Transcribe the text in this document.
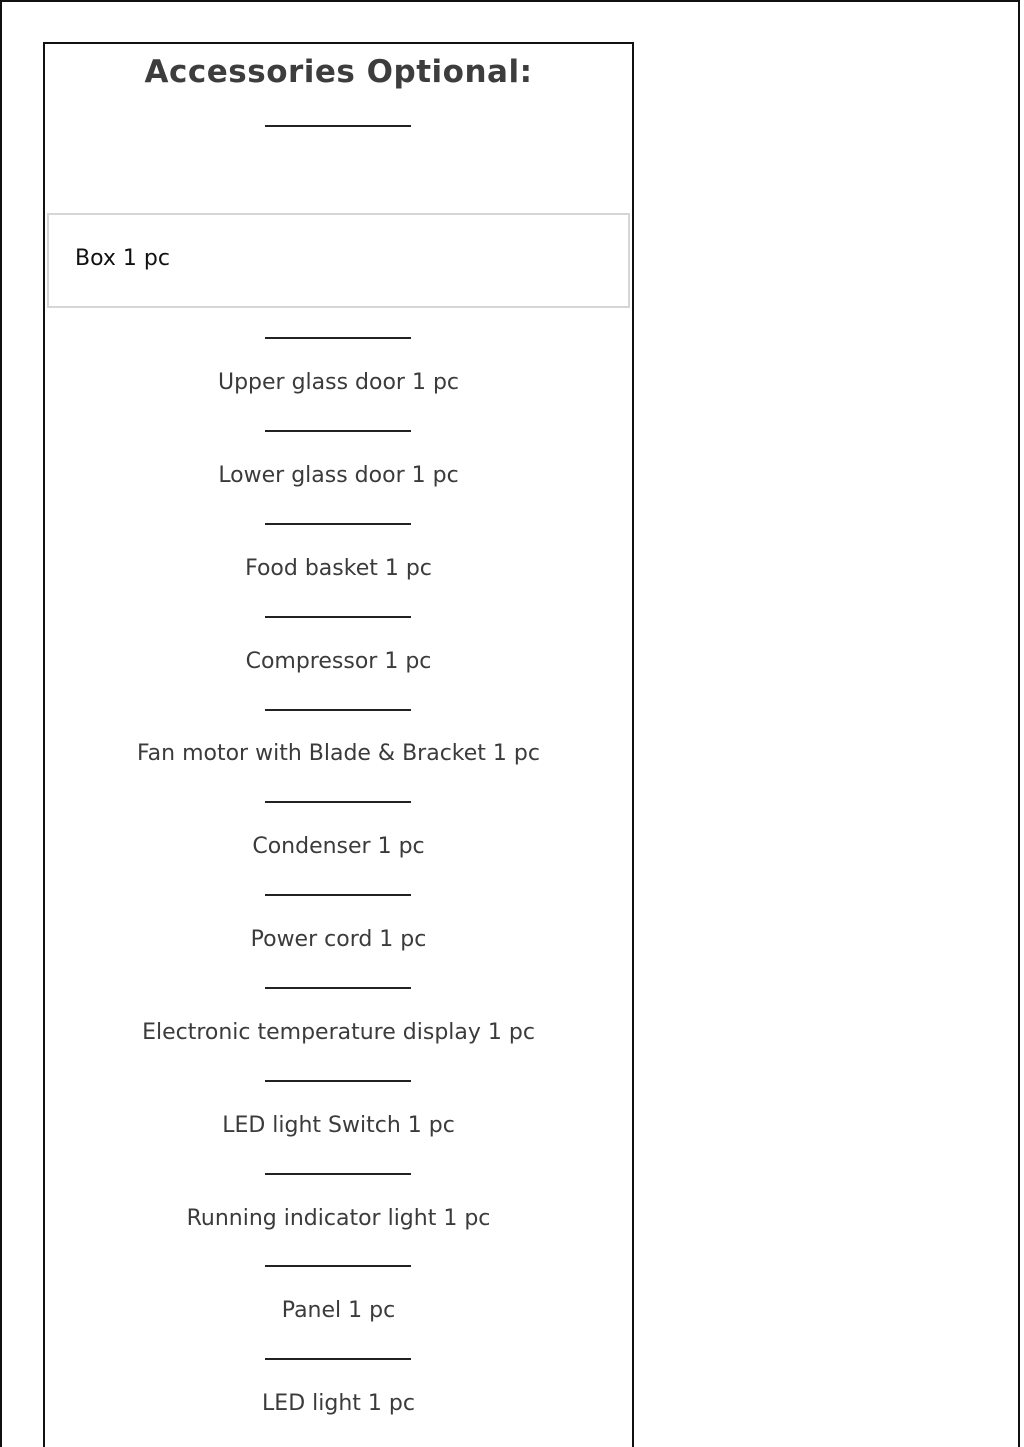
Accessories Optional:
Box 1 pc
Upper glass door 1 pc
Lower glass door 1 pc
Food basket 1 pc
Compressor 1 pc
Fan motor with Blade & Bracket 1 pc
Condenser 1 pc
Power cord 1 pc
Electronic temperature display 1 pc
LED light Switch 1 pc
Running indicator light 1 pc
Panel 1 pc
LED light 1 pc
